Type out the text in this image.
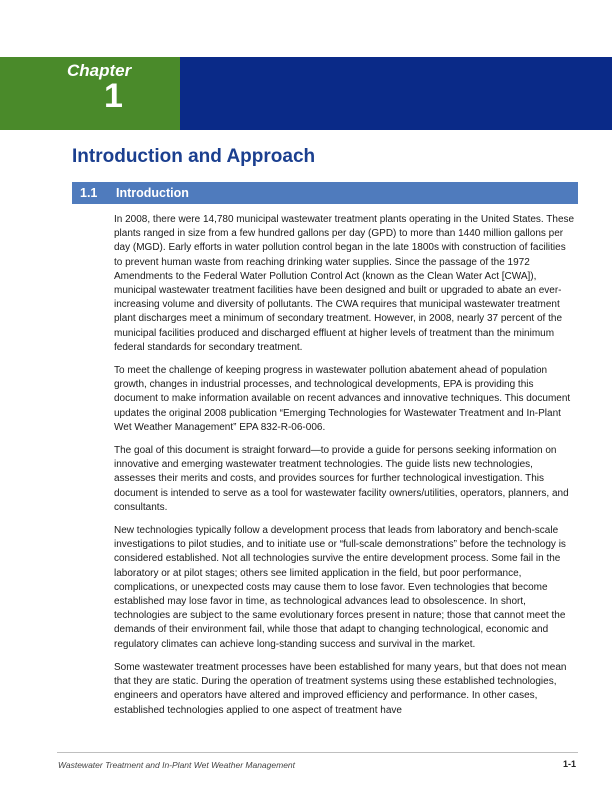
Chapter
1
Introduction and Approach
1.1 Introduction

In 2008, there were 14,780 municipal wastewater treatment plants operating in the United States. These plants ranged in size from a few hundred gallons per day (GPD) to more than 1440 million gallons per day (MGD). Early efforts in water pollution control began in the late 1800s with construction of facilities to prevent human waste from reaching drinking water supplies. Since the passage of the 1972 Amendments to the Federal Water Pollution Control Act (known as the Clean Water Act [CWA]), municipal wastewater treatment facilities have been designed and built or upgraded to abate an ever-increasing volume and diversity of pollutants. The CWA requires that municipal wastewater treatment plant discharges meet a minimum of secondary treatment. However, in 2008, nearly 37 percent of the municipal facilities produced and discharged effluent at higher levels of treatment than the minimum federal standards for secondary treatment.

To meet the challenge of keeping progress in wastewater pollution abatement ahead of population growth, changes in industrial processes, and technological developments, EPA is providing this document to make information available on recent advances and innovative techniques. This document updates the original 2008 publication “Emerging Technologies for Wastewater Treatment and In-Plant Wet Weather Management” EPA 832-R-06-006.

The goal of this document is straight forward—to provide a guide for persons seeking information on innovative and emerging wastewater treatment technologies. The guide lists new technologies, assesses their merits and costs, and provides sources for further technological investigation. This document is intended to serve as a tool for wastewater facility owners/utilities, operators, planners, and consultants.

New technologies typically follow a development process that leads from laboratory and bench-scale investigations to pilot studies, and to initiate use or “full-scale demonstrations” before the technology is considered established. Not all technologies survive the entire development process. Some fail in the laboratory or at pilot stages; others see limited application in the field, but poor performance, complications, or unexpected costs may cause them to lose favor. Even technologies that become established may lose favor in time, as technological advances lead to obsolescence. In short, technologies are subject to the same evolutionary forces present in nature; those that cannot meet the demands of their environment fail, while those that adapt to changing technological, economic and regulatory climates can achieve long-standing success and survival in the market.

Some wastewater treatment processes have been established for many years, but that does not mean that they are static. During the operation of treatment systems using these established technologies, engineers and operators have altered and improved efficiency and performance. In other cases, established technologies applied to one aspect of treatment have

Wastewater Treatment and In-Plant Wet Weather Management	1-1
